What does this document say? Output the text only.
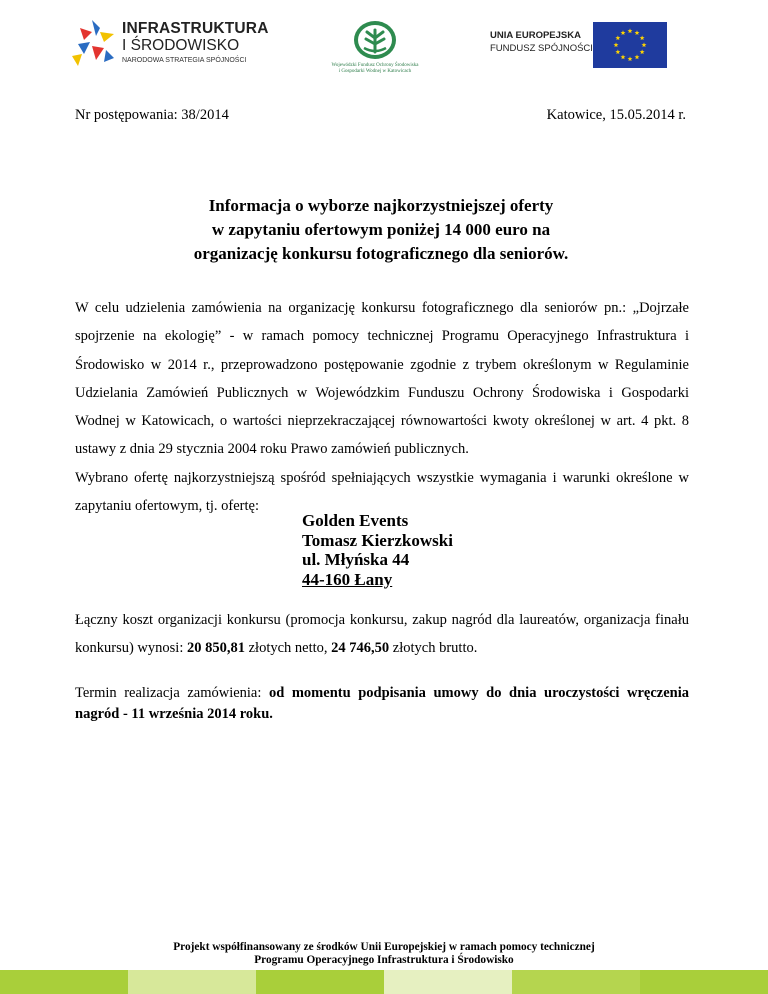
INFRASTRUKTURA
I ŚRODOWISKO
NARODOWA STRATEGIA SPÓJNOŚCI
Wojewódzki Fundusz Ochrony Środowiska
i Gospodarki Wodnej w Katowicach
UNIA EUROPEJSKA
FUNDUSZ SPÓJNOŚCI
Nr postępowania: 38/2014	Katowice, 15.05.2014 r.
Informacja o wyborze najkorzystniejszej oferty
w zapytaniu ofertowym poniżej 14 000 euro na
organizację konkursu fotograficznego dla seniorów.

W celu udzielenia zamówienia na organizację konkursu fotograficznego dla seniorów pn.: „Dojrzałe spojrzenie na ekologię” - w ramach pomocy technicznej Programu Operacyjnego Infrastruktura i Środowisko w 2014 r., przeprowadzono postępowanie zgodnie z trybem określonym w Regulaminie Udzielania Zamówień Publicznych w Wojewódzkim Funduszu Ochrony Środowiska i Gospodarki Wodnej w Katowicach, o wartości nieprzekraczającej równowartości kwoty określonej w art. 4 pkt. 8 ustawy z dnia 29 stycznia 2004 roku Prawo zamówień publicznych.

Wybrano ofertę najkorzystniejszą spośród spełniających wszystkie wymagania i warunki określone w zapytaniu ofertowym, tj. ofertę:

Golden Events
Tomasz Kierzkowski
ul. Młyńska 44
44-160 Łany
Łączny koszt organizacji konkursu (promocja konkursu, zakup nagród dla laureatów, organizacja finału konkursu) wynosi: 20 850,81 złotych netto, 24 746,50 złotych brutto.
Termin realizacja zamówienia: od momentu podpisania umowy do dnia uroczystości wręczenia nagród - 11 września 2014 roku.
Projekt współfinansowany ze środków Unii Europejskiej w ramach pomocy technicznej
Programu Operacyjnego Infrastruktura i Środowisko
